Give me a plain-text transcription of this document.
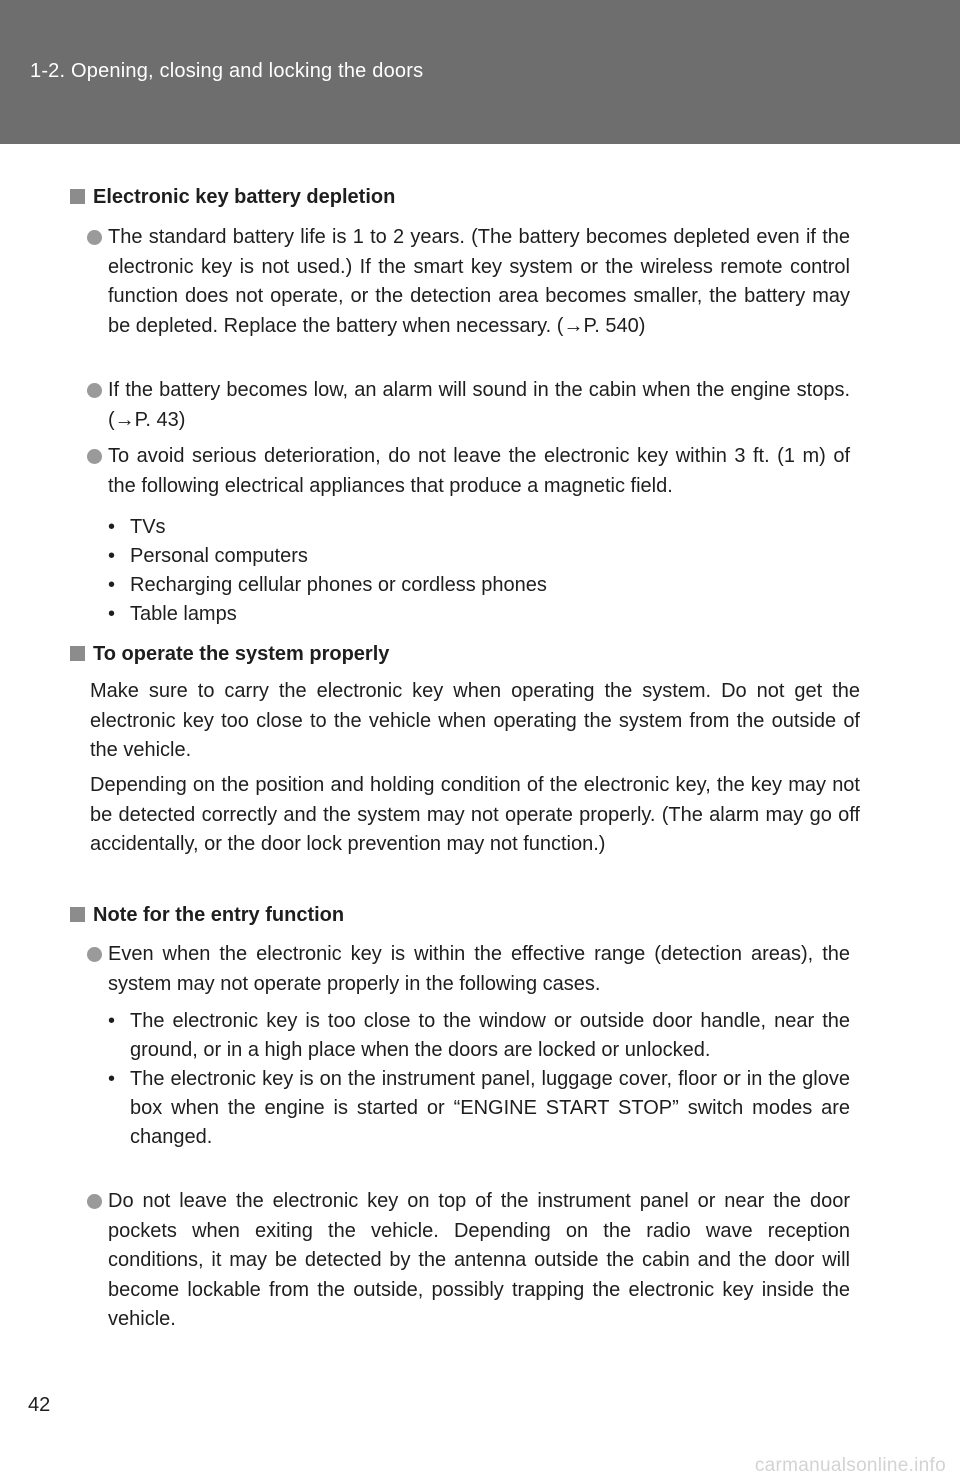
1-2. Opening, closing and locking the doors
Electronic key battery depletion
The standard battery life is 1 to 2 years. (The battery becomes depleted even if the electronic key is not used.) If the smart key system or the wireless remote control function does not operate, or the detection area becomes smaller, the battery may be depleted. Replace the battery when necessary. (→P. 540)
If the battery becomes low, an alarm will sound in the cabin when the engine stops. (→P. 43)
To avoid serious deterioration, do not leave the electronic key within 3 ft. (1 m) of the following electrical appliances that produce a magnetic field.
• TVs
• Personal computers
• Recharging cellular phones or cordless phones
• Table lamps
To operate the system properly
Make sure to carry the electronic key when operating the system. Do not get the electronic key too close to the vehicle when operating the system from the outside of the vehicle.
Depending on the position and holding condition of the electronic key, the key may not be detected correctly and the system may not operate properly. (The alarm may go off accidentally, or the door lock prevention may not function.)
Note for the entry function
Even when the electronic key is within the effective range (detection areas), the system may not operate properly in the following cases.
• The electronic key is too close to the window or outside door handle, near the ground, or in a high place when the doors are locked or unlocked.
• The electronic key is on the instrument panel, luggage cover, floor or in the glove box when the engine is started or “ENGINE START STOP” switch modes are changed.
Do not leave the electronic key on top of the instrument panel or near the door pockets when exiting the vehicle. Depending on the radio wave reception conditions, it may be detected by the antenna outside the cabin and the door will become lockable from the outside, possibly trapping the electronic key inside the vehicle.
42
carmanualsonline.info
